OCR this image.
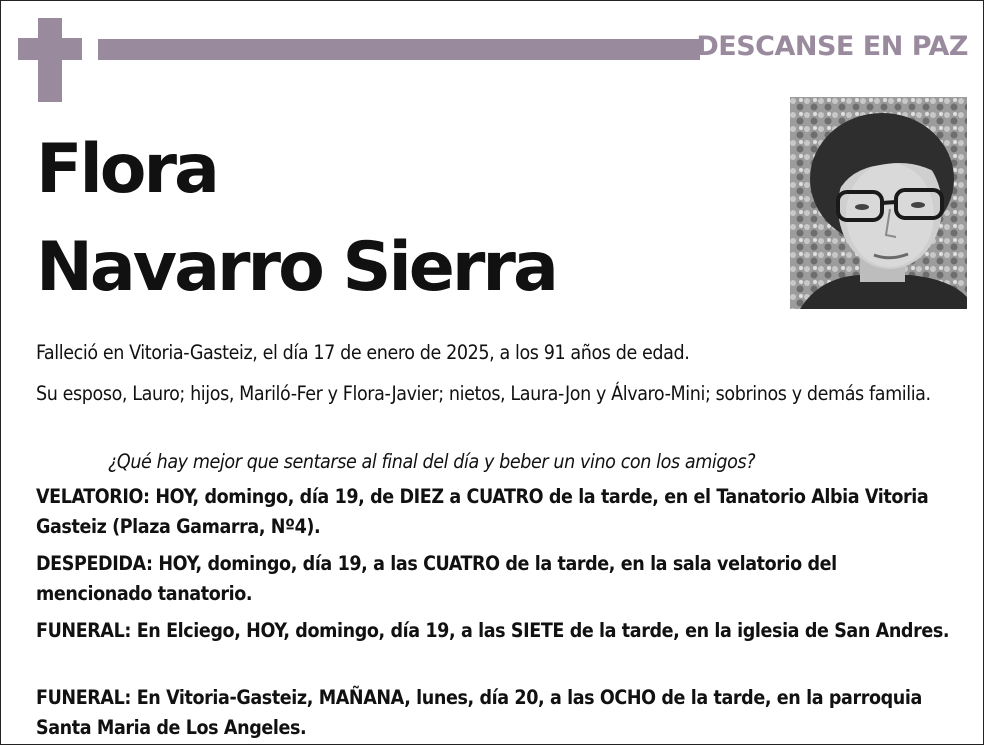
DESCANSE EN PAZ
Flora
Navarro Sierra
Falleció en Vitoria-Gasteiz, el día 17 de enero de 2025, a los 91 años de edad.
Su esposo, Lauro; hijos, Mariló-Fer y Flora-Javier; nietos, Laura-Jon y Álvaro-Mini; sobrinos y demás familia.
¿Qué hay mejor que sentarse al final del día y beber un vino con los amigos?
VELATORIO: HOY, domingo, día 19, de DIEZ a CUATRO de la tarde, en el Tanatorio Albia Vitoria Gasteiz (Plaza Gamarra, Nº4).
DESPEDIDA: HOY, domingo, día 19, a las CUATRO de la tarde, en la sala velatorio del mencionado tanatorio.
FUNERAL: En Elciego, HOY, domingo, día 19, a las SIETE de la tarde, en la iglesia de San Andres.
FUNERAL: En Vitoria-Gasteiz, MAÑANA, lunes, día 20, a las OCHO de la tarde, en la parroquia Santa Maria de Los Angeles.
